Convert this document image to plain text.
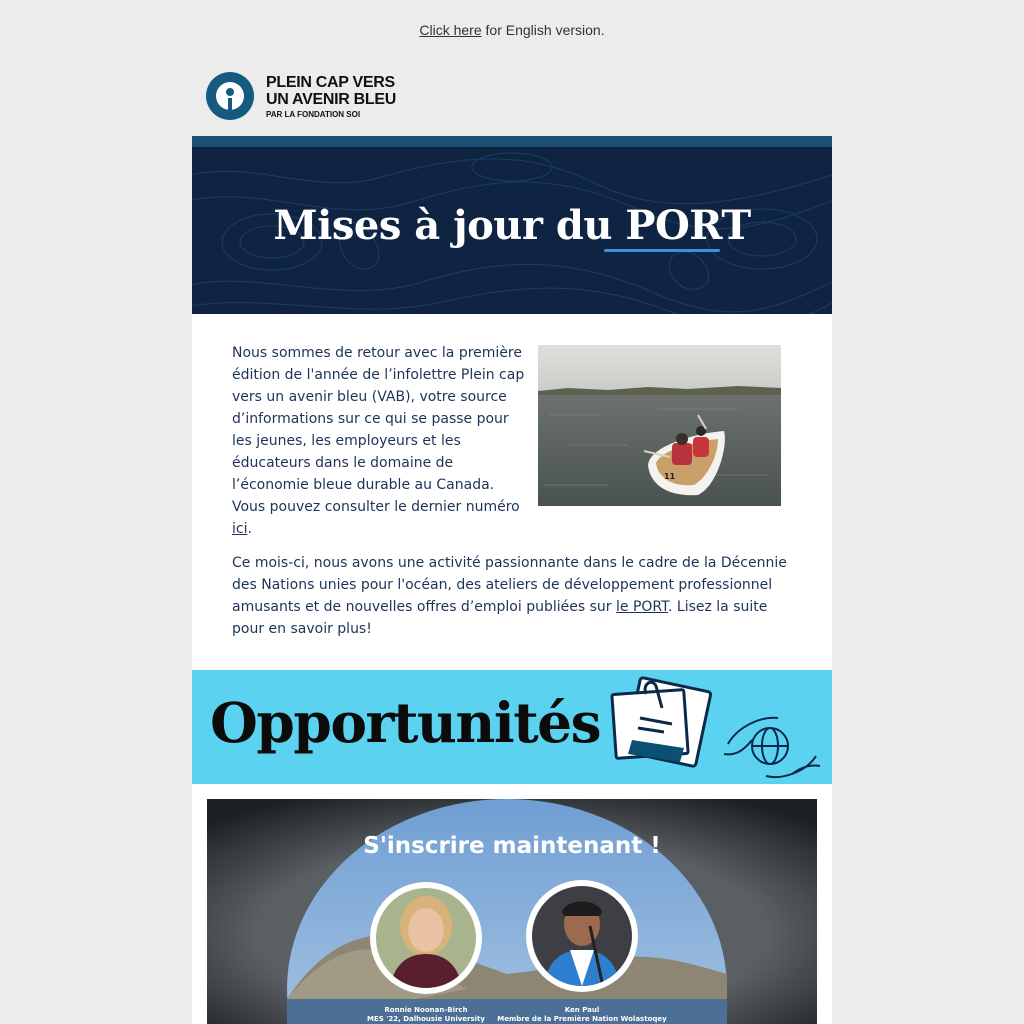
Click here for English version.
PLEIN CAP VERS
UN AVENIR BLEU
PAR LA FONDATION SOI
Mises à jour du PORT

Nous sommes de retour avec la première édition de l'année de l’infolettre Plein cap vers un avenir bleu (VAB), votre source d’informations sur ce qui se passe pour les jeunes, les employeurs et les éducateurs dans le domaine de l’économie bleue durable au Canada. Vous pouvez consulter le dernier numéro ici.

Ce mois-ci, nous avons une activité passionnante dans le cadre de la Décennie des Nations unies pour l'océan, des ateliers de développement professionnel amusants et de nouvelles offres d’emploi publiées sur le PORT. Lisez la suite pour en savoir plus!

11
Opportunités
S'inscrire maintenant !
Ronnie Noonan-Birch
MES '22, Dalhousie University
Ken Paul
Membre de la Première Nation Wolastoqey
